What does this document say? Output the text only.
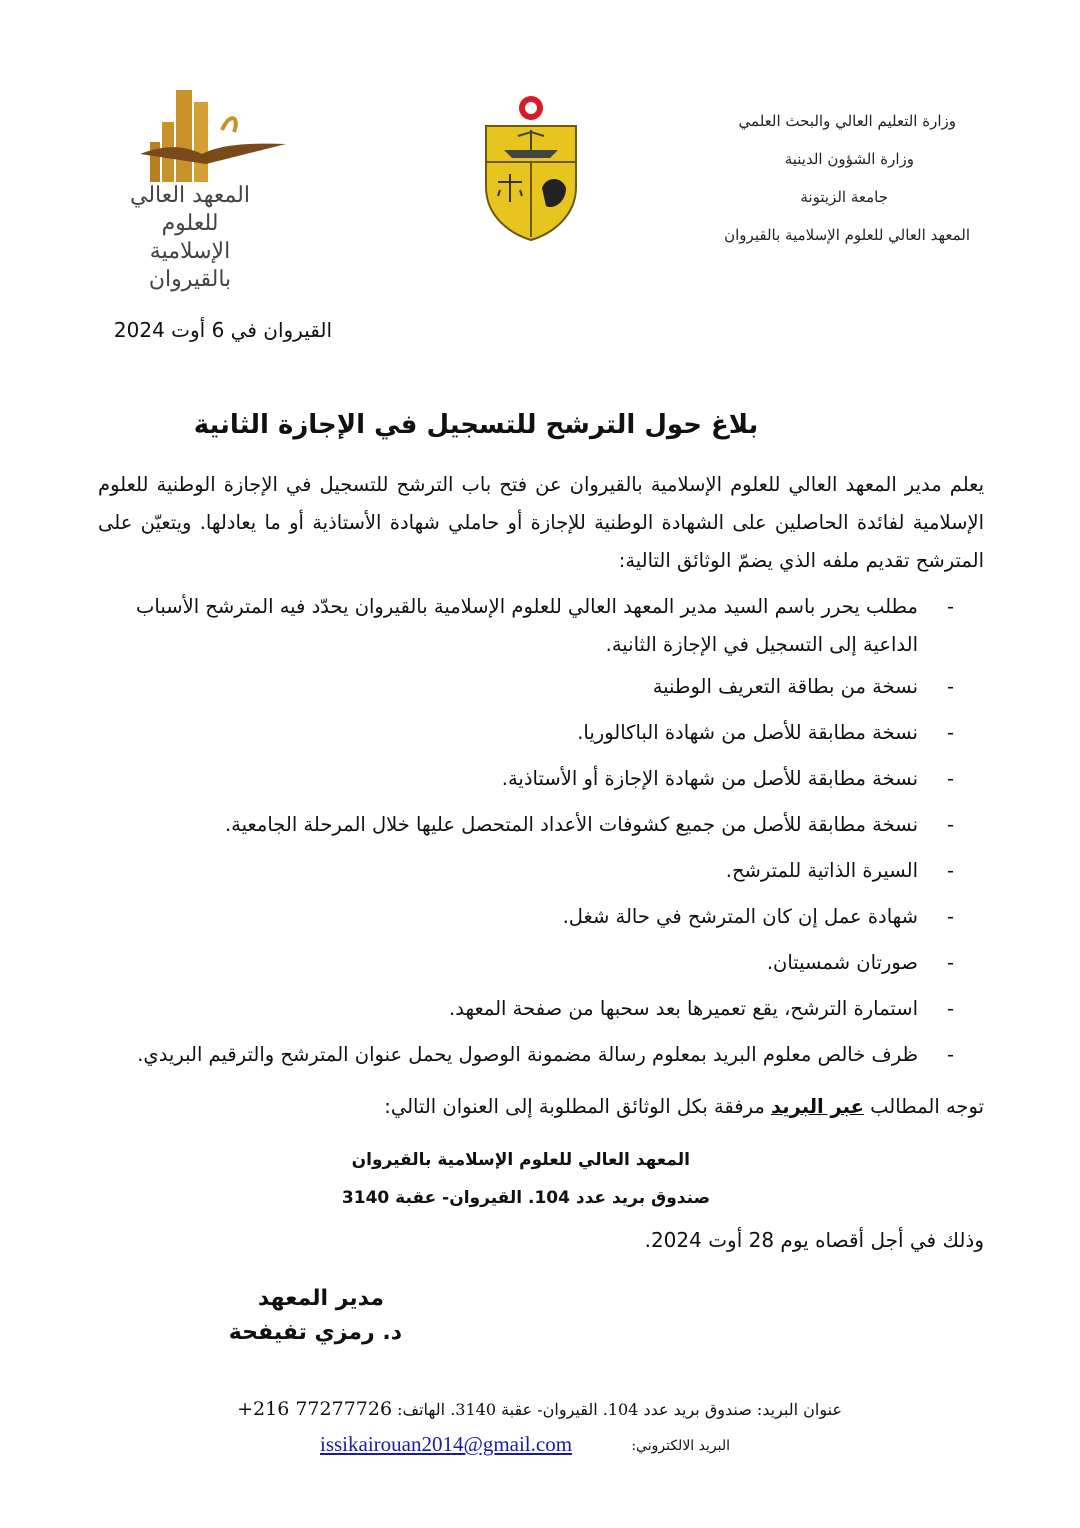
وزارة التعليم العالي والبحث العلمي
وزارة الشؤون الدينية
جامعة الزيتونة
المعهد العالي للعلوم الإسلامية بالقيروان
المعهد العالي للعلوم
الإسلامية بالقيروان
القيروان في 6 أوت 2024
بلاغ حول الترشح للتسجيل في الإجازة الثانية
يعلم مدير المعهد العالي للعلوم الإسلامية بالقيروان عن فتح باب الترشح للتسجيل في الإجازة الوطنية للعلوم الإسلامية لفائدة الحاصلين على الشهادة الوطنية للإجازة أو حاملي شهادة الأستاذية أو ما يعادلها. ويتعيّن على المترشح تقديم ملفه الذي يضمّ الوثائق التالية:
- مطلب يحرر باسم السيد مدير المعهد العالي للعلوم الإسلامية بالقيروان يحدّد فيه المترشح الأسباب الداعية إلى التسجيل في الإجازة الثانية.
- نسخة من بطاقة التعريف الوطنية
- نسخة مطابقة للأصل من شهادة الباكالوريا.
- نسخة مطابقة للأصل من شهادة الإجازة أو الأستاذية.
- نسخة مطابقة للأصل من جميع كشوفات الأعداد المتحصل عليها خلال المرحلة الجامعية.
- السيرة الذاتية للمترشح.
- شهادة عمل إن كان المترشح في حالة شغل.
- صورتان شمسيتان.
- استمارة الترشح، يقع تعميرها بعد سحبها من صفحة المعهد.
- ظرف خالص معلوم البريد بمعلوم رسالة مضمونة الوصول يحمل عنوان المترشح والترقيم البريدي.
توجه المطالب عبر البريد مرفقة بكل الوثائق المطلوبة إلى العنوان التالي:
المعهد العالي للعلوم الإسلامية بالقيروان
صندوق بريد عدد 104. القيروان- عقبة 3140
وذلك في أجل أقصاه يوم 28 أوت 2024.
مدير المعهد
د. رمزي تفيفحة
عنوان البريد: صندوق بريد عدد 104. القيروان- عقبة 3140. الهاتف: +216 77277726
البريد الالكتروني:
issikairouan2014@gmail.com
